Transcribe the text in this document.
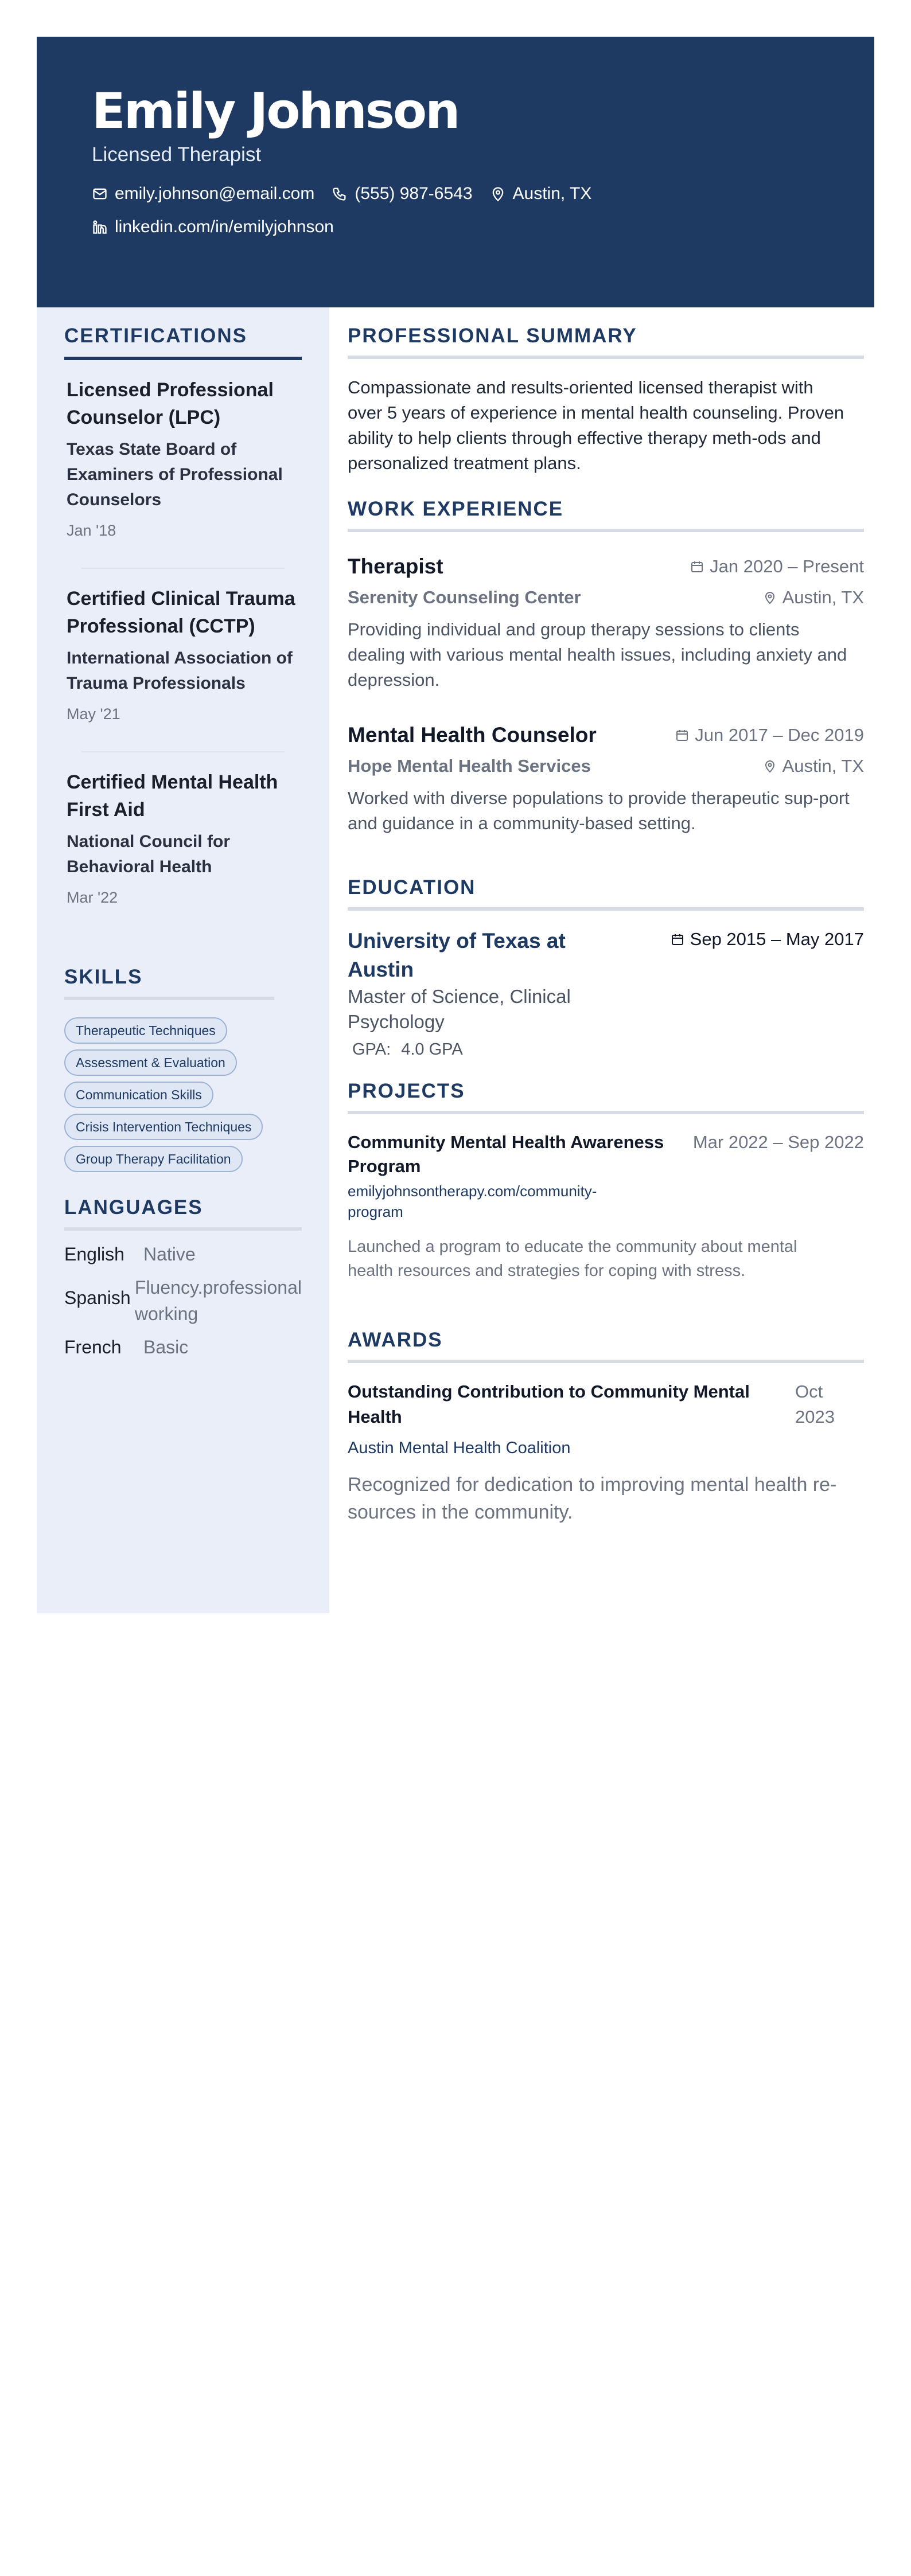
Emily Johnson
Licensed Therapist
emily.johnson@email.com (555) 987-6543 Austin, TX
linkedin.com/in/emilyjohnson
CERTIFICATIONS
Licensed Professional Counselor (LPC)
Texas State Board of Examiners of Professional Counselors
Jan '18
Certified Clinical Trauma Professional (CCTP)
International Association of Trauma Professionals
May '21
Certified Mental Health First Aid
National Council for Behavioral Health
Mar '22
SKILLS
Therapeutic Techniques
Assessment & Evaluation
Communication Skills
Crisis Intervention Techniques
Group Therapy Facilitation
LANGUAGES
English	Native
Spanish Fluency.professional working
French	Basic
PROFESSIONAL SUMMARY
Compassionate and results-oriented licensed therapist with over 5 years of experience in mental health counseling. Proven ability to help clients through effective therapy meth-ods and personalized treatment plans.
WORK EXPERIENCE
Therapist	Jan 2020 – Present
Serenity Counseling Center	Austin, TX
Providing individual and group therapy sessions to clients dealing with various mental health issues, including anxiety and depression.
Mental Health Counselor	Jun 2017 – Dec 2019
Hope Mental Health Services	Austin, TX
Worked with diverse populations to provide therapeutic sup-port and guidance in a community-based setting.
EDUCATION
University of Texas at Austin
Master of Science, Clinical Psychology
GPA: 4.0 GPA
Sep 2015 – May 2017
PROJECTS
Community Mental Health Awareness Program
emilyjohnsontherapy.com/community-program
Mar 2022 – Sep 2022
Launched a program to educate the community about mental health resources and strategies for coping with stress.
AWARDS
Outstanding Contribution to Community Mental Health
Oct 2023
Austin Mental Health Coalition
Recognized for dedication to improving mental health re-sources in the community.
